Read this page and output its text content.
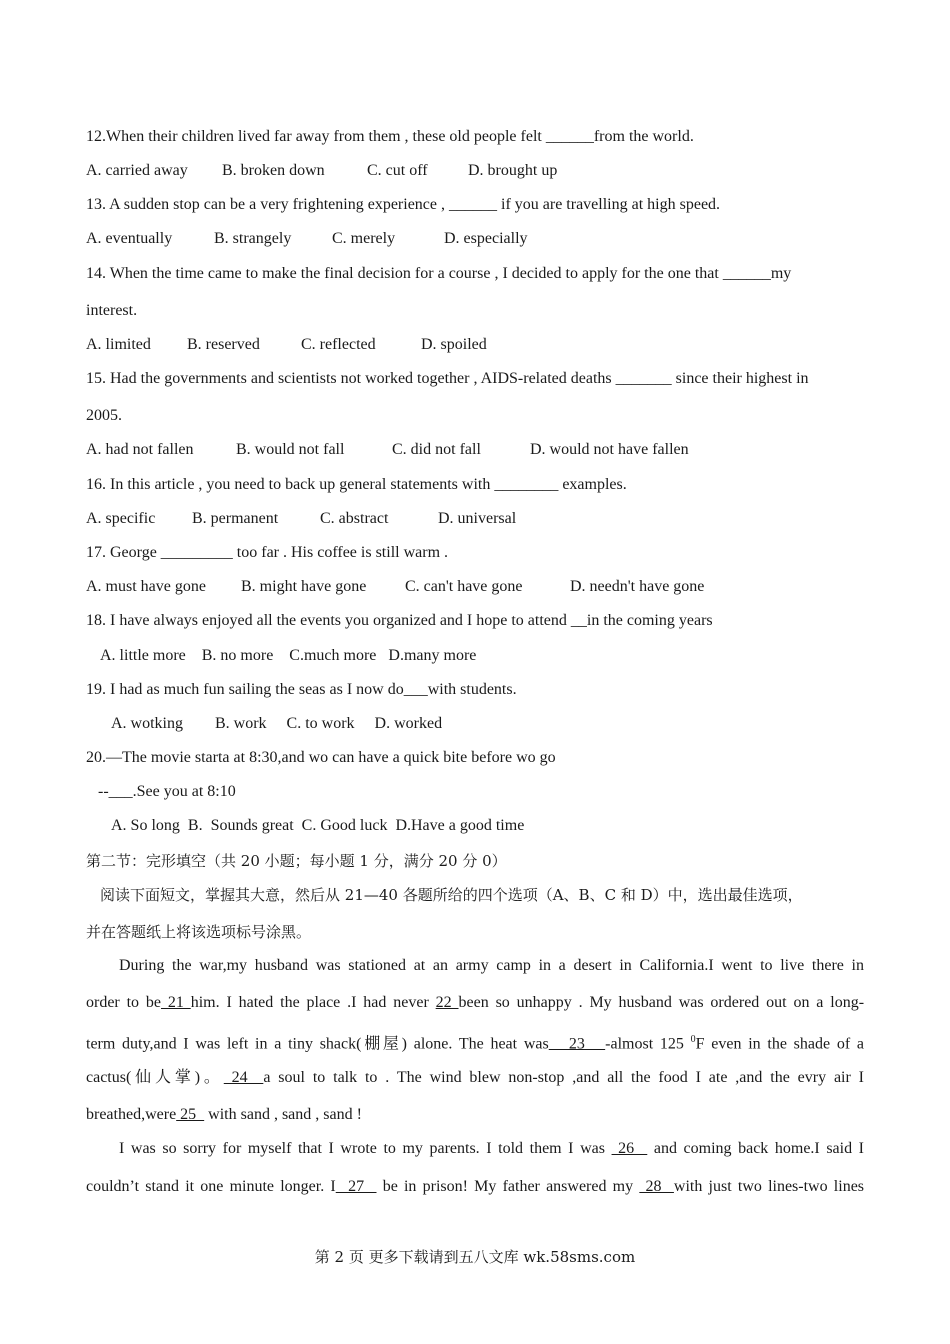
12.When their children lived far away from them , these old people felt ______from the world.
A. carried away B. broken down	C. cut off	D. brought up
13. A sudden stop can be a very frightening experience , ______ if you are travelling at high speed.
A. eventually	B. strangely	C. merely	D. especially
14. When the time came to make the final decision for a course , I decided to apply for the one that ______my
interest.
A. limited B. reserved	C. reflected	D. spoiled
15. Had the governments and scientists not worked together , AIDS-related deaths _______ since their highest in
2005.
A. had not fallen	B. would not fall	C. did not fall	D. would not have fallen
16. In this article , you need to back up general statements with ________ examples.
A. specific B. permanent	C. abstract	D. universal
17. George _________ too far . His coffee is still warm .
A. must have gone B. might have gone C. can't have gone	D. needn't have gone
18. I have always enjoyed all the events you organized and I hope to attend __in the coming years
A. little more    B. no more    C.much more   D.many more
19. I had as much fun sailing the seas as I now do___with students.
A. wotking        B. work     C. to work     D. worked
20.—The movie starta at 8:30,and wo can have a quick bite before wo go
--___.See you at 8:10
A. So long  B.  Sounds great  C. Good luck  D.Have a good time
第二节：完形填空（共 20 小题；每小题 1 分，满分 20 分 0）
阅读下面短文，掌握其大意，然后从 21—40 各题所给的四个选项（A、B、C 和 D）中，选出最佳选项，
并在答题纸上将该选项标号涂黑。
During the war,my husband was stationed at an army camp in a desert in California.I went to live there in
order to be 21 him. I hated the place .I had never 22 been so unhappy . My husband was ordered out on a long-
term duty,and I was left in a tiny shack(棚屋) alone. The heat was   23   -almost 125 $^0$F even in the shade of a
cactus(仙人掌)。 24  a soul to talk to . The wind blew non-stop ,and all the food I ate ,and the evry air I
breathed,were 25   with sand , sand , sand !
I was so sorry for myself that I wrote to my parents. I told them I was  26   and coming back home.I said I
couldn’t stand it one minute longer. I  27   be in prison! My father answered my  28  with just two lines-two lines
第 2 页 更多下载请到五八文库 wk.58sms.com
